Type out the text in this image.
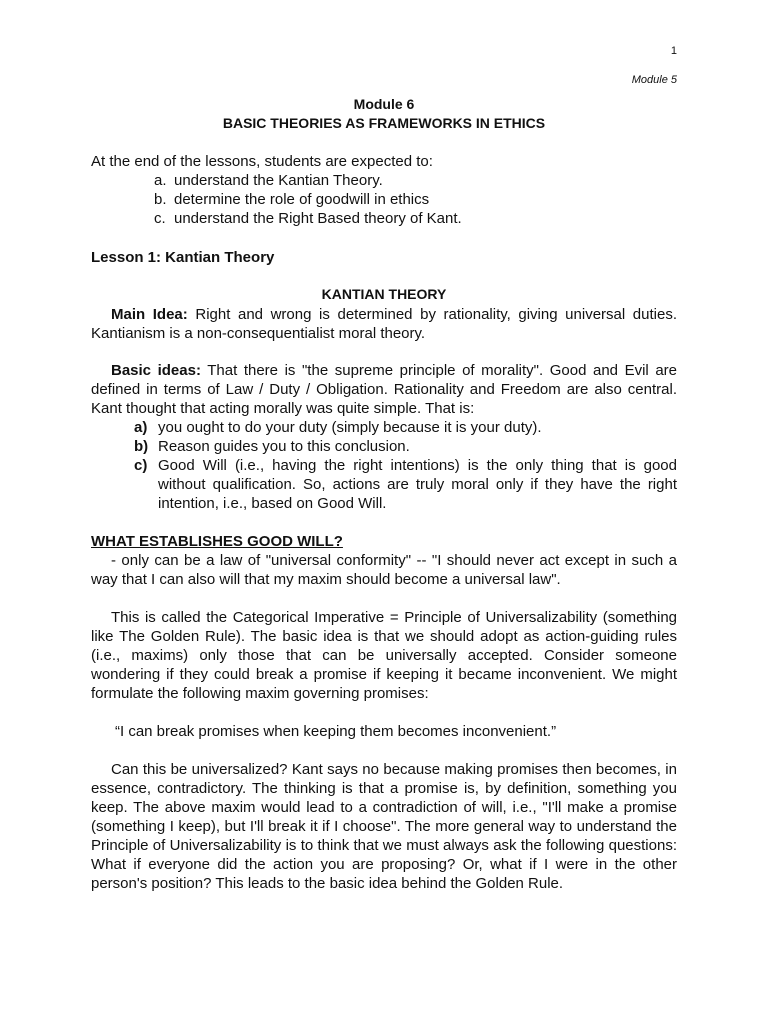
1
Module 5
Module 6
BASIC THEORIES AS FRAMEWORKS IN ETHICS
At the end of the lessons, students are expected to:
a. understand the Kantian Theory.
b. determine the role of goodwill in ethics
c. understand the Right Based theory of Kant.
Lesson 1: Kantian Theory
KANTIAN THEORY
Main Idea: Right and wrong is determined by rationality, giving universal duties. Kantianism is a non-consequentialist moral theory.
Basic ideas: That there is "the supreme principle of morality". Good and Evil are defined in terms of Law / Duty / Obligation. Rationality and Freedom are also central. Kant thought that acting morally was quite simple. That is:
a) you ought to do your duty (simply because it is your duty).
b) Reason guides you to this conclusion.
c) Good Will (i.e., having the right intentions) is the only thing that is good without qualification. So, actions are truly moral only if they have the right intention, i.e., based on Good Will.
WHAT ESTABLISHES GOOD WILL?
- only can be a law of "universal conformity" -- "I should never act except in such a way that I can also will that my maxim should become a universal law".
This is called the Categorical Imperative = Principle of Universalizability (something like The Golden Rule). The basic idea is that we should adopt as action-guiding rules (i.e., maxims) only those that can be universally accepted. Consider someone wondering if they could break a promise if keeping it became inconvenient. We might formulate the following maxim governing promises:
“I can break promises when keeping them becomes inconvenient.”
Can this be universalized? Kant says no because making promises then becomes, in essence, contradictory. The thinking is that a promise is, by definition, something you keep. The above maxim would lead to a contradiction of will, i.e., "I'll make a promise (something I keep), but I'll break it if I choose". The more general way to understand the Principle of Universalizability is to think that we must always ask the following questions: What if everyone did the action you are proposing? Or, what if I were in the other person's position? This leads to the basic idea behind the Golden Rule.
